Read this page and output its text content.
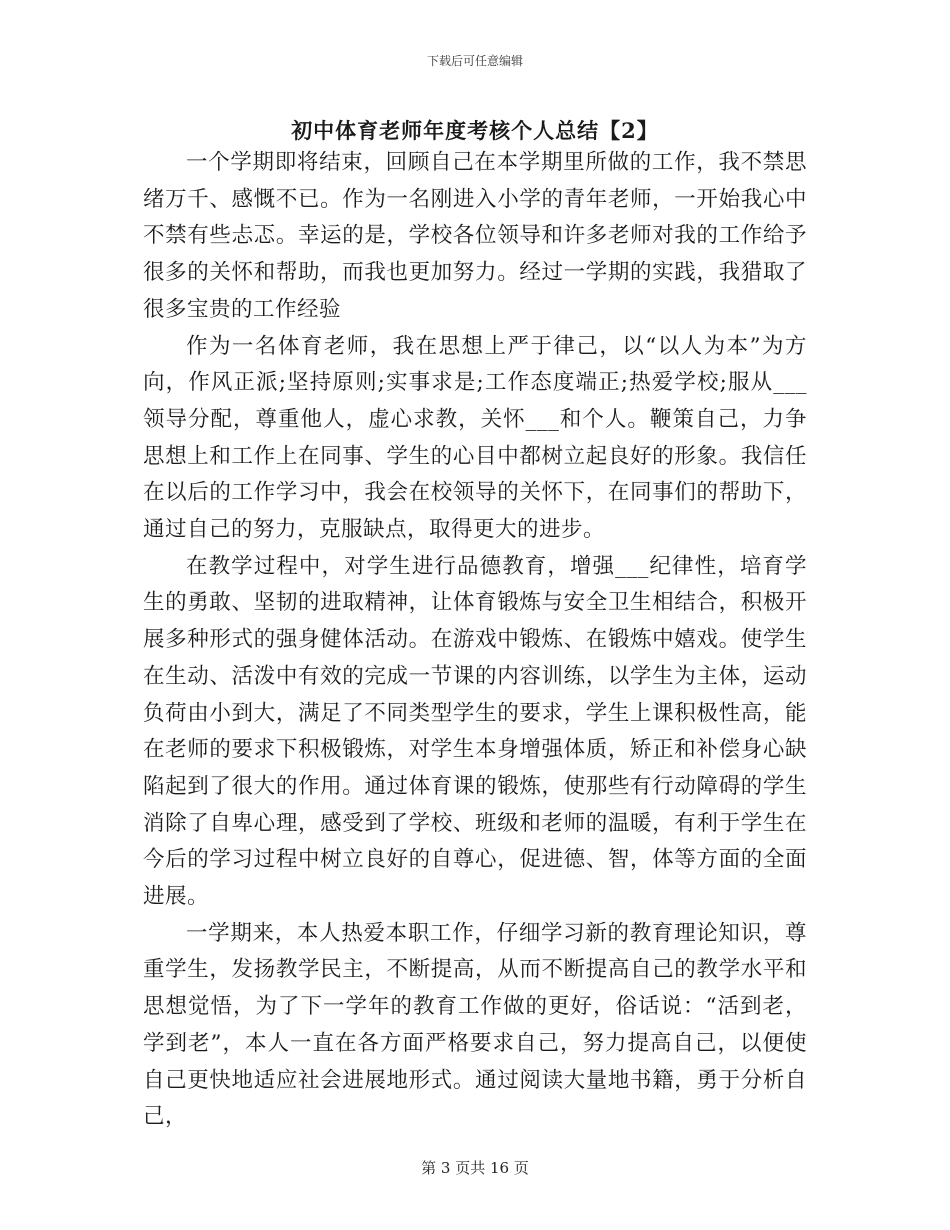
下载后可任意编辑
初中体育老师年度考核个人总结【2】

一个学期即将结束，回顾自己在本学期里所做的工作，我不禁思绪万千、感慨不已。作为一名刚进入小学的青年老师，一开始我心中不禁有些忐忑。幸运的是，学校各位领导和许多老师对我的工作给予很多的关怀和帮助，而我也更加努力。经过一学期的实践，我猎取了很多宝贵的工作经验

作为一名体育老师，我在思想上严于律己，以“以人为本”为方向，作风正派;坚持原则;实事求是;工作态度端正;热爱学校;服从___领导分配，尊重他人，虚心求教，关怀___和个人。鞭策自己，力争思想上和工作上在同事、学生的心目中都树立起良好的形象。我信任在以后的工作学习中，我会在校领导的关怀下，在同事们的帮助下，通过自己的努力，克服缺点，取得更大的进步。

在教学过程中，对学生进行品德教育，增强___纪律性，培育学生的勇敢、坚韧的进取精神，让体育锻炼与安全卫生相结合，积极开展多种形式的强身健体活动。在游戏中锻炼、在锻炼中嬉戏。使学生在生动、活泼中有效的完成一节课的内容训练，以学生为主体，运动负荷由小到大，满足了不同类型学生的要求，学生上课积极性高，能在老师的要求下积极锻炼，对学生本身增强体质，矫正和补偿身心缺陷起到了很大的作用。通过体育课的锻炼，使那些有行动障碍的学生消除了自卑心理，感受到了学校、班级和老师的温暖，有利于学生在今后的学习过程中树立良好的自尊心，促进德、智，体等方面的全面进展。

一学期来，本人热爱本职工作，仔细学习新的教育理论知识，尊重学生，发扬教学民主，不断提高，从而不断提高自己的教学水平和思想觉悟，为了下一学年的教育工作做的更好，俗话说：“活到老，学到老”，本人一直在各方面严格要求自己，努力提高自己，以便使自己更快地适应社会进展地形式。通过阅读大量地书籍，勇于分析自己，

第 3 页共 16 页
